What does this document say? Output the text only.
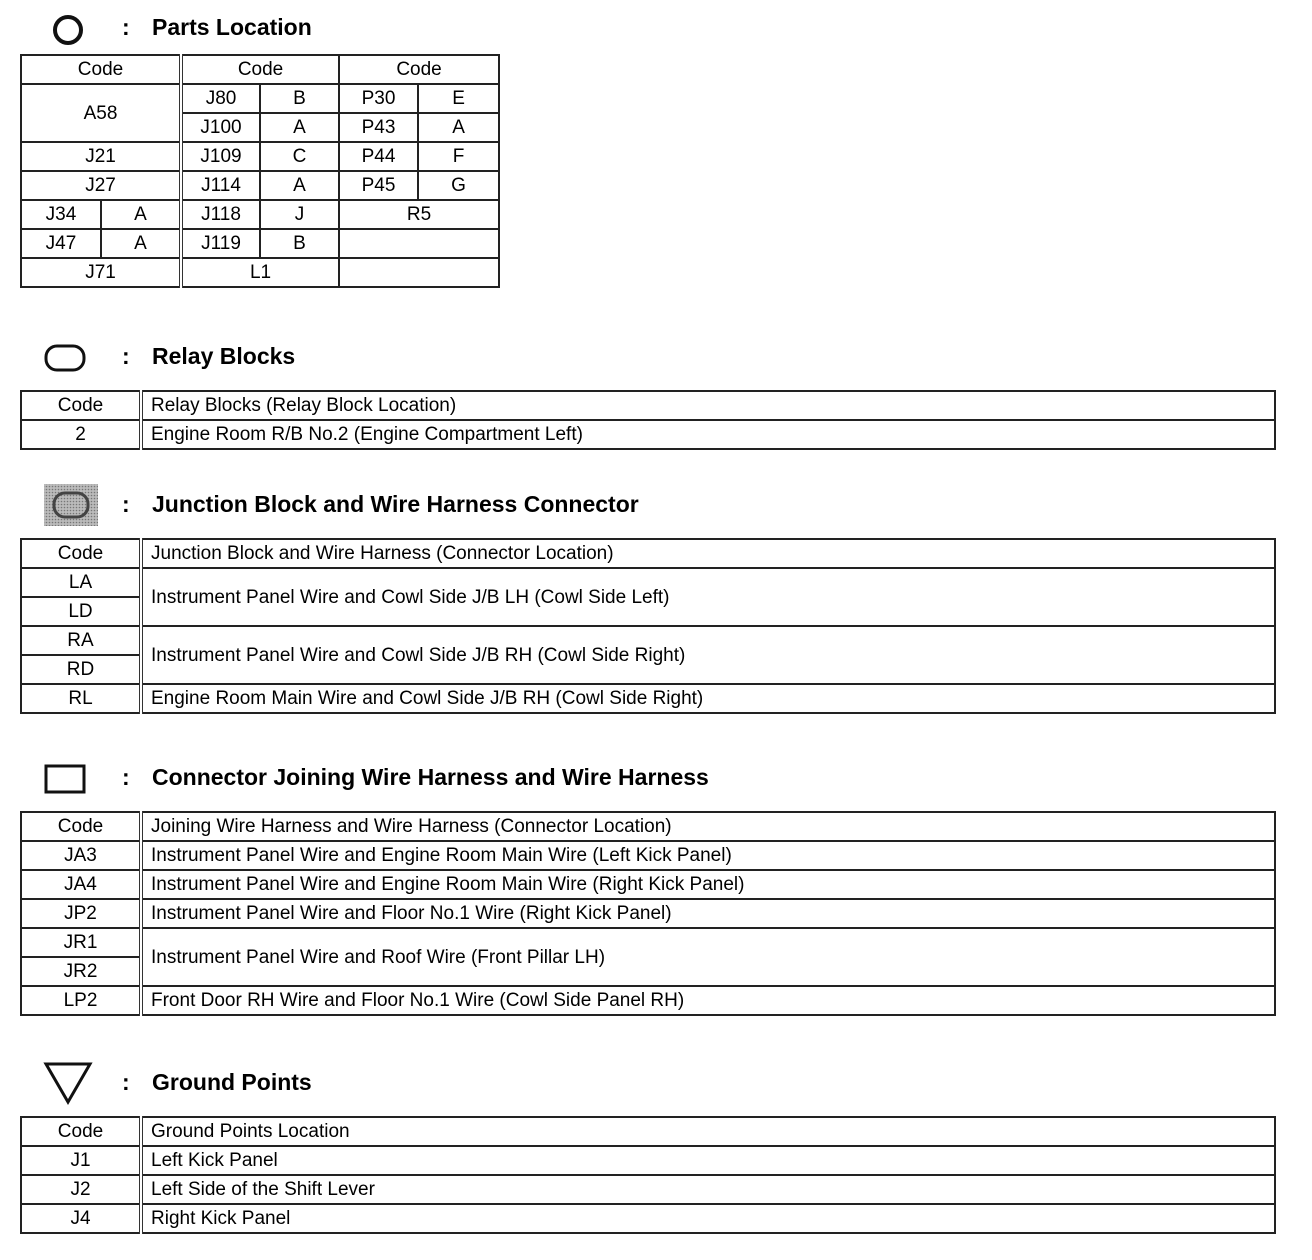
: Parts Location
Code		Code		Code	
A58		J80	B	P30	E
		J100	A	P43	A
J21		J109	C	P44	F
J27		J114	A	P45	G
J34	A	J118	J	R5	
J47	A	J119	B		
J71		L1			
: Relay Blocks
Code	Relay Blocks (Relay Block Location)
2	Engine Room R/B No.2 (Engine Compartment Left)
: Junction Block and Wire Harness Connector
Code	Junction Block and Wire Harness (Connector Location)
LA	Instrument Panel Wire and Cowl Side J/B LH (Cowl Side Left)
LD	
RA	Instrument Panel Wire and Cowl Side J/B RH (Cowl Side Right)
RD	
RL	Engine Room Main Wire and Cowl Side J/B RH (Cowl Side Right)
: Connector Joining Wire Harness and Wire Harness
Code	Joining Wire Harness and Wire Harness (Connector Location)
JA3	Instrument Panel Wire and Engine Room Main Wire (Left Kick Panel)
JA4	Instrument Panel Wire and Engine Room Main Wire (Right Kick Panel)
JP2	Instrument Panel Wire and Floor No.1 Wire (Right Kick Panel)
JR1	Instrument Panel Wire and Roof Wire (Front Pillar LH)
JR2	
LP2	Front Door RH Wire and Floor No.1 Wire (Cowl Side Panel RH)
: Ground Points
Code	Ground Points Location
J1	Left Kick Panel
J2	Left Side of the Shift Lever
J4	Right Kick Panel
